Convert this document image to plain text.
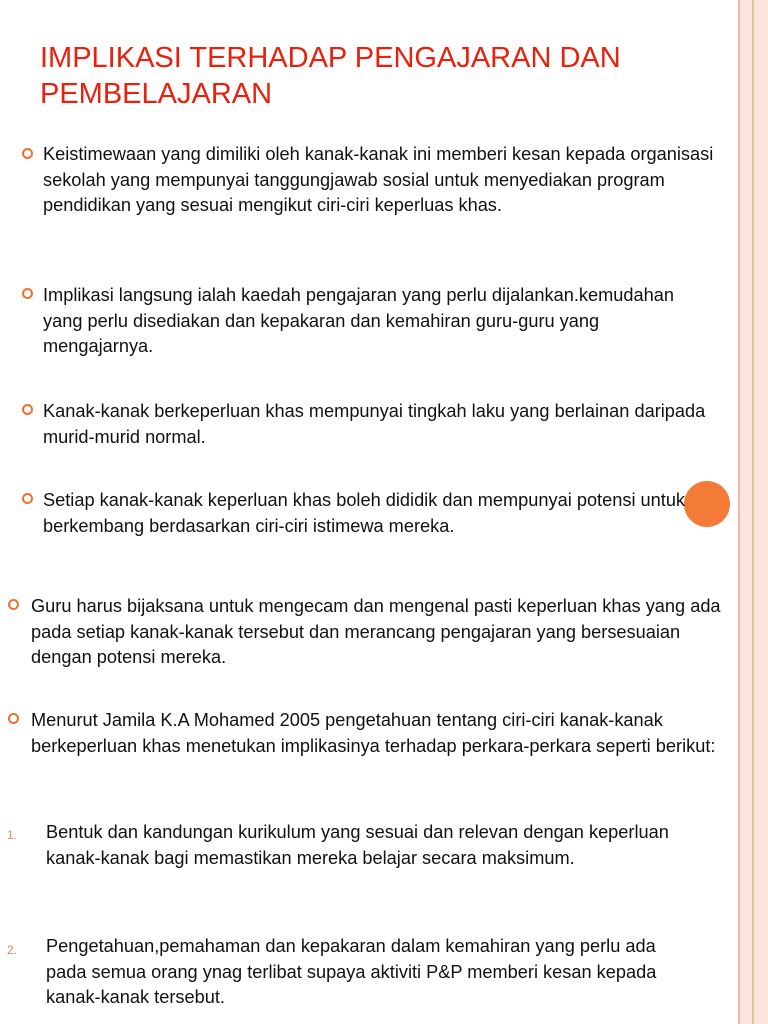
IMPLIKASI TERHADAP PENGAJARAN DAN PEMBELAJARAN

Keistimewaan yang dimiliki oleh kanak-kanak ini memberi kesan kepada organisasi sekolah yang mempunyai tanggungjawab sosial untuk menyediakan program pendidikan yang sesuai mengikut ciri-ciri keperluas khas.

Implikasi langsung ialah kaedah pengajaran yang perlu dijalankan.kemudahan yang perlu disediakan dan kepakaran dan kemahiran guru-guru yang mengajarnya.

Kanak-kanak berkeperluan khas mempunyai tingkah laku yang berlainan daripada murid-murid normal.

Setiap kanak-kanak keperluan khas boleh dididik dan mempunyai potensi untuk berkembang berdasarkan ciri-ciri istimewa mereka.

Guru harus bijaksana untuk mengecam dan mengenal pasti keperluan khas yang ada pada setiap kanak-kanak tersebut dan merancang pengajaran yang bersesuaian dengan potensi mereka.

Menurut Jamila K.A Mohamed 2005 pengetahuan tentang ciri-ciri kanak-kanak berkeperluan khas menetukan implikasinya terhadap perkara-perkara seperti berikut:

1. Bentuk dan kandungan kurikulum yang sesuai dan relevan dengan keperluan kanak-kanak bagi memastikan mereka belajar secara maksimum.

2. Pengetahuan,pemahaman dan kepakaran dalam kemahiran yang perlu ada pada semua orang ynag terlibat supaya aktiviti P&P memberi kesan kepada kanak-kanak tersebut.
